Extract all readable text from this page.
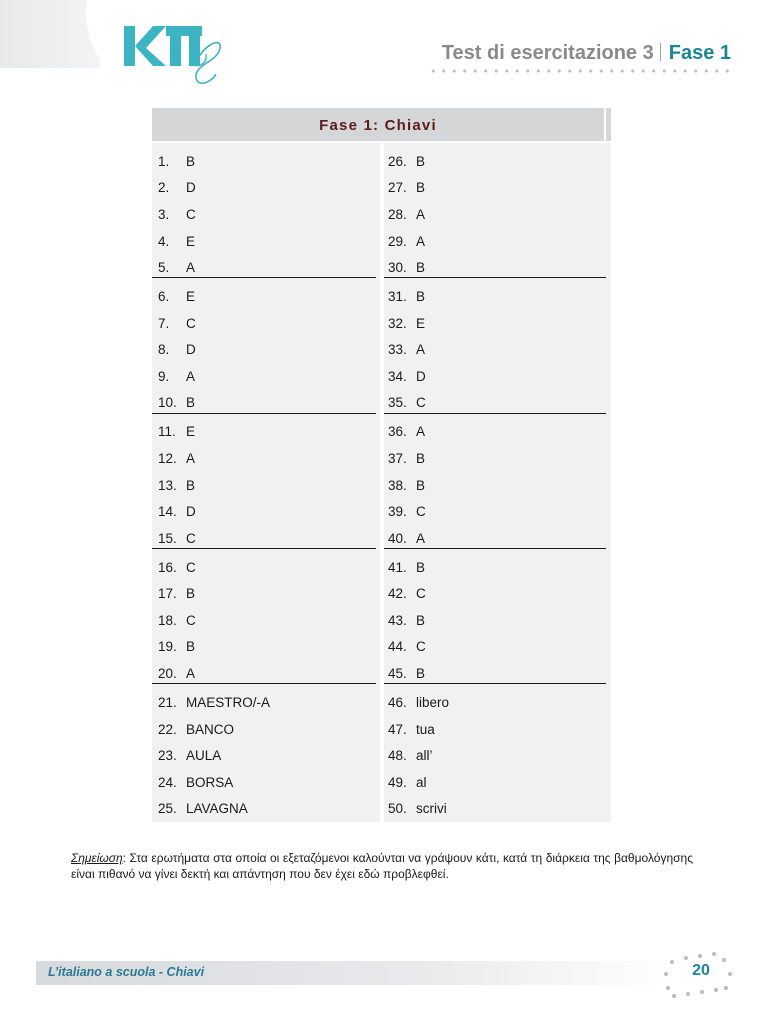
Test di esercitazione 3 Fase 1
Fase 1: Chiavi
1.	B
2.	D
3.	C
4.	E
5.	A
6.	E
7.	C
8.	D
9.	A
10. B
11. E
12. A
13. B
14. D
15. C
16. C
17. B
18. C
19. B
20. A
21. MAESTRO/-A
22. BANCO
23. AULA
24. BORSA
25. LAVAGNA
26. B
27. B
28. A
29. A
30. B
31. B
32. E
33. A
34. D
35. C
36. A
37. B
38. B
39. C
40. A
41. B
42. C
43. B
44. C
45. B
46. libero
47. tua
48. all’
49. al
50. scrivi
Σημείωση: Στα ερωτήματα στα οποία οι εξεταζόμενοι καλούνται να γράψουν κάτι, κατά τη διάρκεια της βαθμολόγησης είναι πιθανό να γίνει δεκτή και απάντηση που δεν έχει εδώ προβλεφθεί.
L’italiano a scuola - Chiavi	20
